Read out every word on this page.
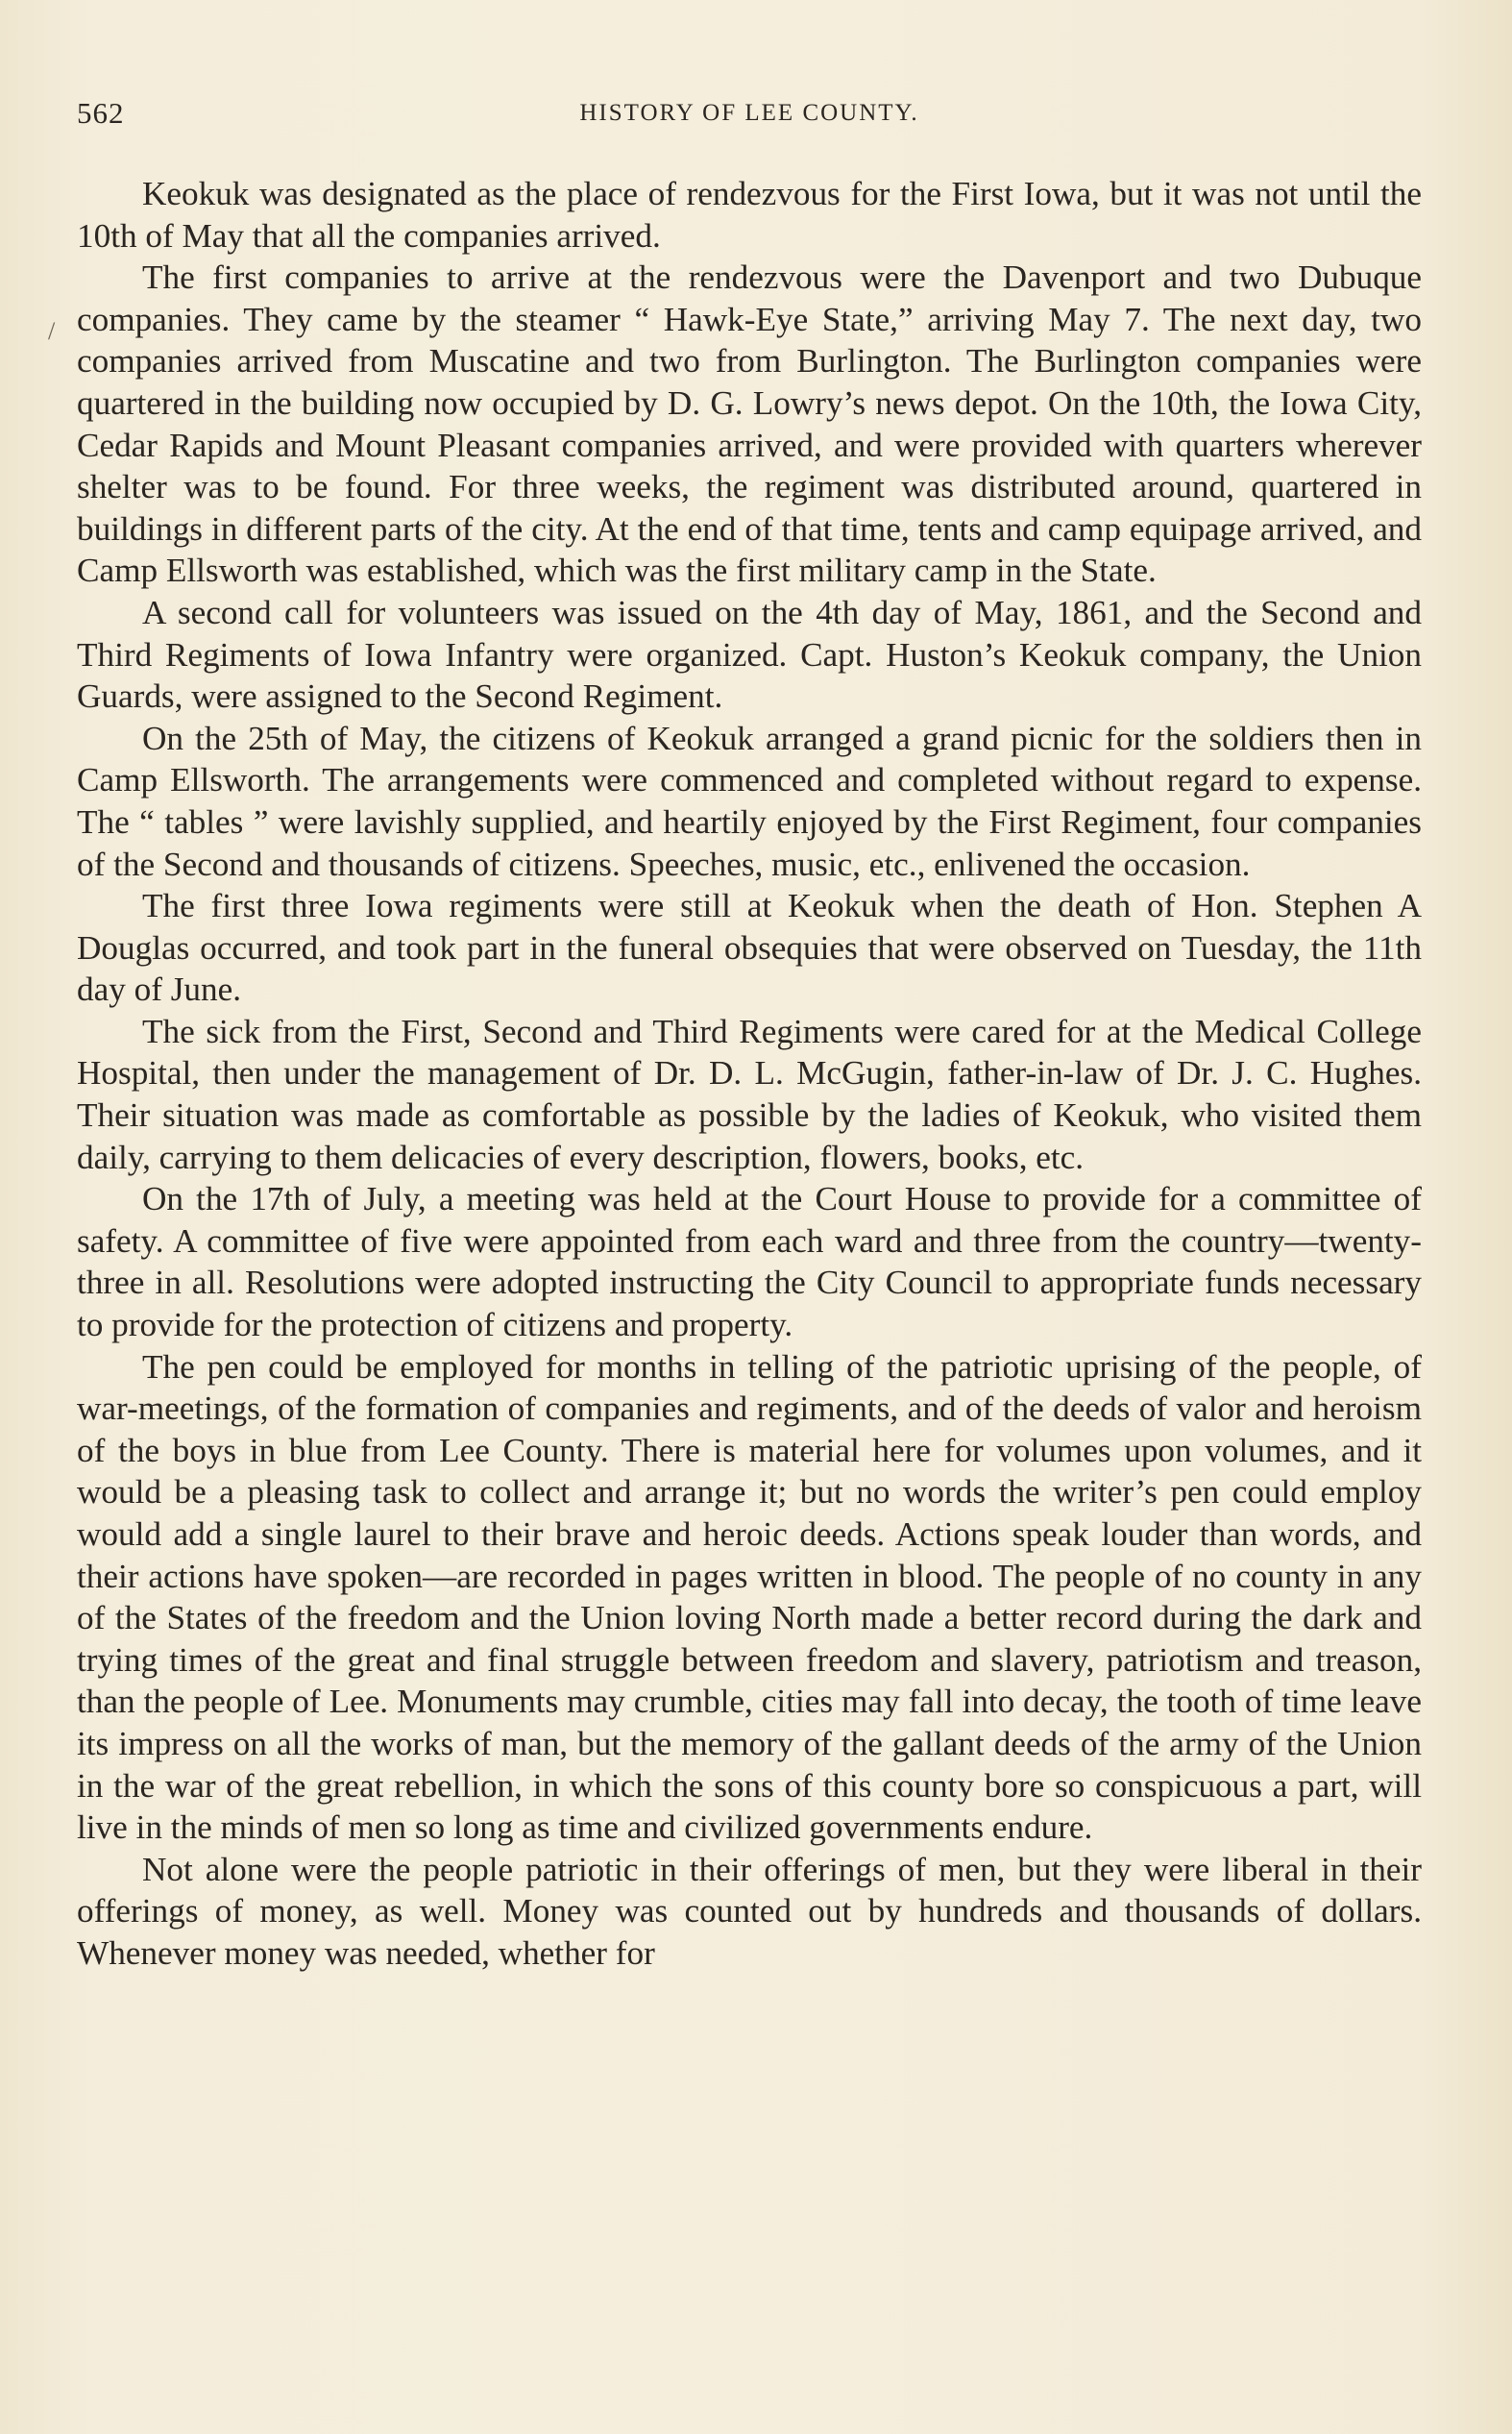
/
562	HISTORY OF LEE COUNTY.

Keokuk was designated as the place of rendezvous for the First Iowa, but it was not until the 10th of May that all the companies arrived.

The first companies to arrive at the rendezvous were the Davenport and two Dubuque companies. They came by the steamer “ Hawk-Eye State,” arriving May 7. The next day, two companies arrived from Muscatine and two from Burlington. The Burlington companies were quartered in the building now occupied by D. G. Lowry’s news depot. On the 10th, the Iowa City, Cedar Rapids and Mount Pleasant companies arrived, and were provided with quarters wherever shelter was to be found. For three weeks, the regiment was distributed around, quartered in buildings in different parts of the city. At the end of that time, tents and camp equipage arrived, and Camp Ellsworth was established, which was the first military camp in the State.

A second call for volunteers was issued on the 4th day of May, 1861, and the Second and Third Regiments of Iowa Infantry were organized. Capt. Huston’s Keokuk company, the Union Guards, were assigned to the Second Regiment.

On the 25th of May, the citizens of Keokuk arranged a grand picnic for the soldiers then in Camp Ellsworth. The arrangements were commenced and completed without regard to expense. The “ tables ” were lavishly supplied, and heartily enjoyed by the First Regiment, four companies of the Second and thousands of citizens. Speeches, music, etc., enlivened the occasion.

The first three Iowa regiments were still at Keokuk when the death of Hon. Stephen A Douglas occurred, and took part in the funeral obsequies that were observed on Tuesday, the 11th day of June.

The sick from the First, Second and Third Regiments were cared for at the Medical College Hospital, then under the management of Dr. D. L. McGugin, father-in-law of Dr. J. C. Hughes. Their situation was made as comfortable as possible by the ladies of Keokuk, who visited them daily, carrying to them delicacies of every description, flowers, books, etc.

On the 17th of July, a meeting was held at the Court House to provide for a committee of safety. A committee of five were appointed from each ward and three from the country—twenty-three in all. Resolutions were adopted instructing the City Council to appropriate funds necessary to provide for the protection of citizens and property.

The pen could be employed for months in telling of the patriotic uprising of the people, of war-meetings, of the formation of companies and regiments, and of the deeds of valor and heroism of the boys in blue from Lee County. There is material here for volumes upon volumes, and it would be a pleasing task to collect and arrange it; but no words the writer’s pen could employ would add a single laurel to their brave and heroic deeds. Actions speak louder than words, and their actions have spoken—are recorded in pages written in blood. The people of no county in any of the States of the freedom and the Union loving North made a better record during the dark and trying times of the great and final struggle between freedom and slavery, patriotism and treason, than the people of Lee. Monuments may crumble, cities may fall into decay, the tooth of time leave its impress on all the works of man, but the memory of the gallant deeds of the army of the Union in the war of the great rebellion, in which the sons of this county bore so conspicuous a part, will live in the minds of men so long as time and civilized governments endure.

Not alone were the people patriotic in their offerings of men, but they were liberal in their offerings of money, as well. Money was counted out by hundreds and thousands of dollars. Whenever money was needed, whether for
